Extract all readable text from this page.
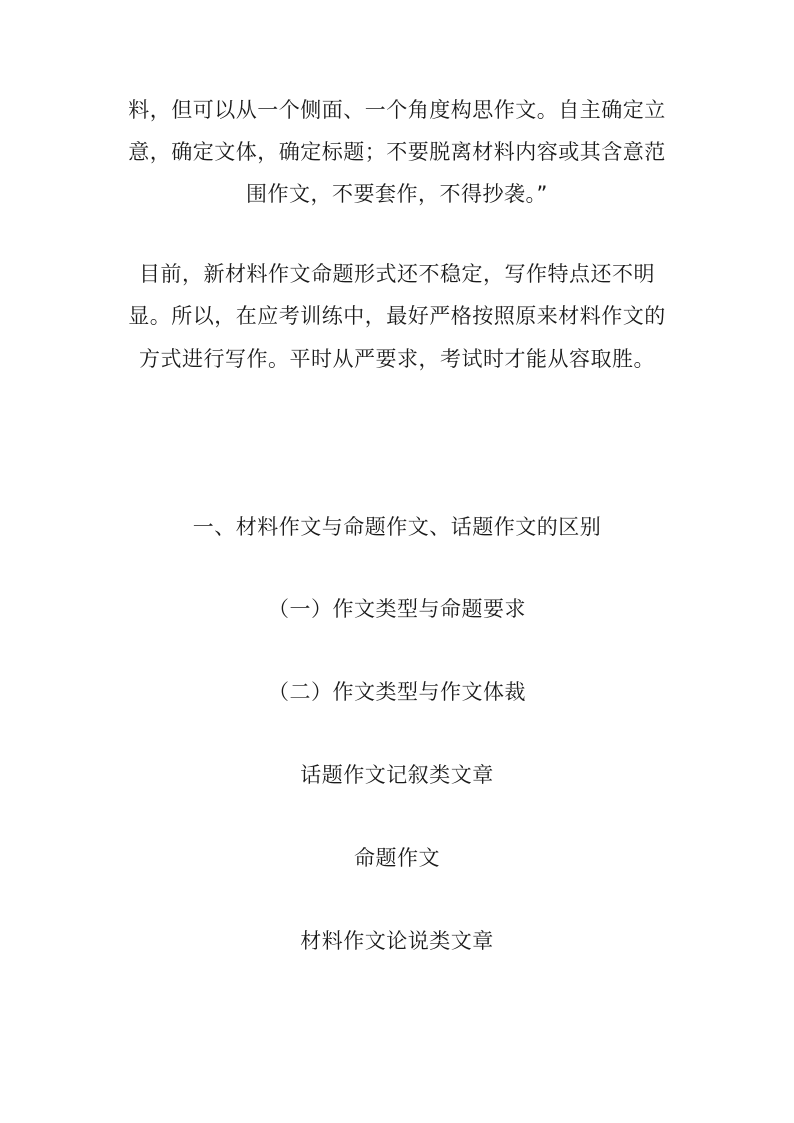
料，但可以从一个侧面、一个角度构思作文。自主确定立
意，确定文体，确定标题；不要脱离材料内容或其含意范
围作文，不要套作，不得抄袭。”
目前，新材料作文命题形式还不稳定，写作特点还不明
显。所以，在应考训练中，最好严格按照原来材料作文的
方式进行写作。平时从严要求，考试时才能从容取胜。
一、材料作文与命题作文、话题作文的区别
（一）作文类型与命题要求
（二）作文类型与作文体裁
话题作文记叙类文章
命题作文
材料作文论说类文章
